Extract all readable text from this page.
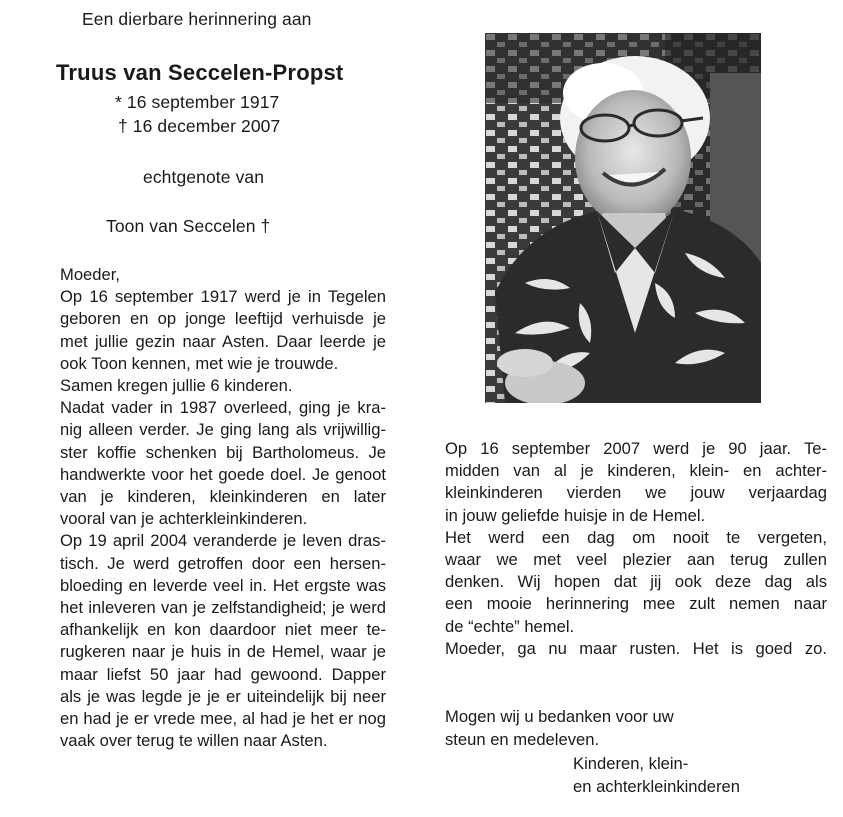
Een dierbare herinnering aan
Truus van Seccelen-Propst
* 16 september 1917
† 16 december 2007
echtgenote van
Toon van Seccelen †
Moeder,
Op 16 september 1917 werd je in Tegelen
geboren en op jonge leeftijd verhuisde je
met jullie gezin naar Asten. Daar leerde je
ook Toon kennen, met wie je trouwde.
Samen kregen jullie 6 kinderen.
Nadat vader in 1987 overleed, ging je kra-
nig alleen verder. Je ging lang als vrijwillig-
ster koffie schenken bij Bartholomeus. Je
handwerkte voor het goede doel. Je genoot
van je kinderen, kleinkinderen en later
vooral van je achterkleinkinderen.
Op 19 april 2004 veranderde je leven dras-
tisch. Je werd getroffen door een hersen-
bloeding en leverde veel in. Het ergste was
het inleveren van je zelfstandigheid; je werd
afhankelijk en kon daardoor niet meer te-
rugkeren naar je huis in de Hemel, waar je
maar liefst 50 jaar had gewoond. Dapper
als je was legde je je er uiteindelijk bij neer
en had je er vrede mee, al had je het er nog
vaak over terug te willen naar Asten.
Op 16 september 2007 werd je 90 jaar. Te-
midden van al je kinderen, klein- en achter-
kleinkinderen vierden we jouw verjaardag
in jouw geliefde huisje in de Hemel.
Het werd een dag om nooit te vergeten,
waar we met veel plezier aan terug zullen
denken. Wij hopen dat jij ook deze dag als
een mooie herinnering mee zult nemen naar
de “echte” hemel.
Moeder, ga nu maar rusten. Het is goed zo.
Mogen wij u bedanken voor uw
steun en medeleven.
Kinderen, klein-
en achterkleinkinderen
